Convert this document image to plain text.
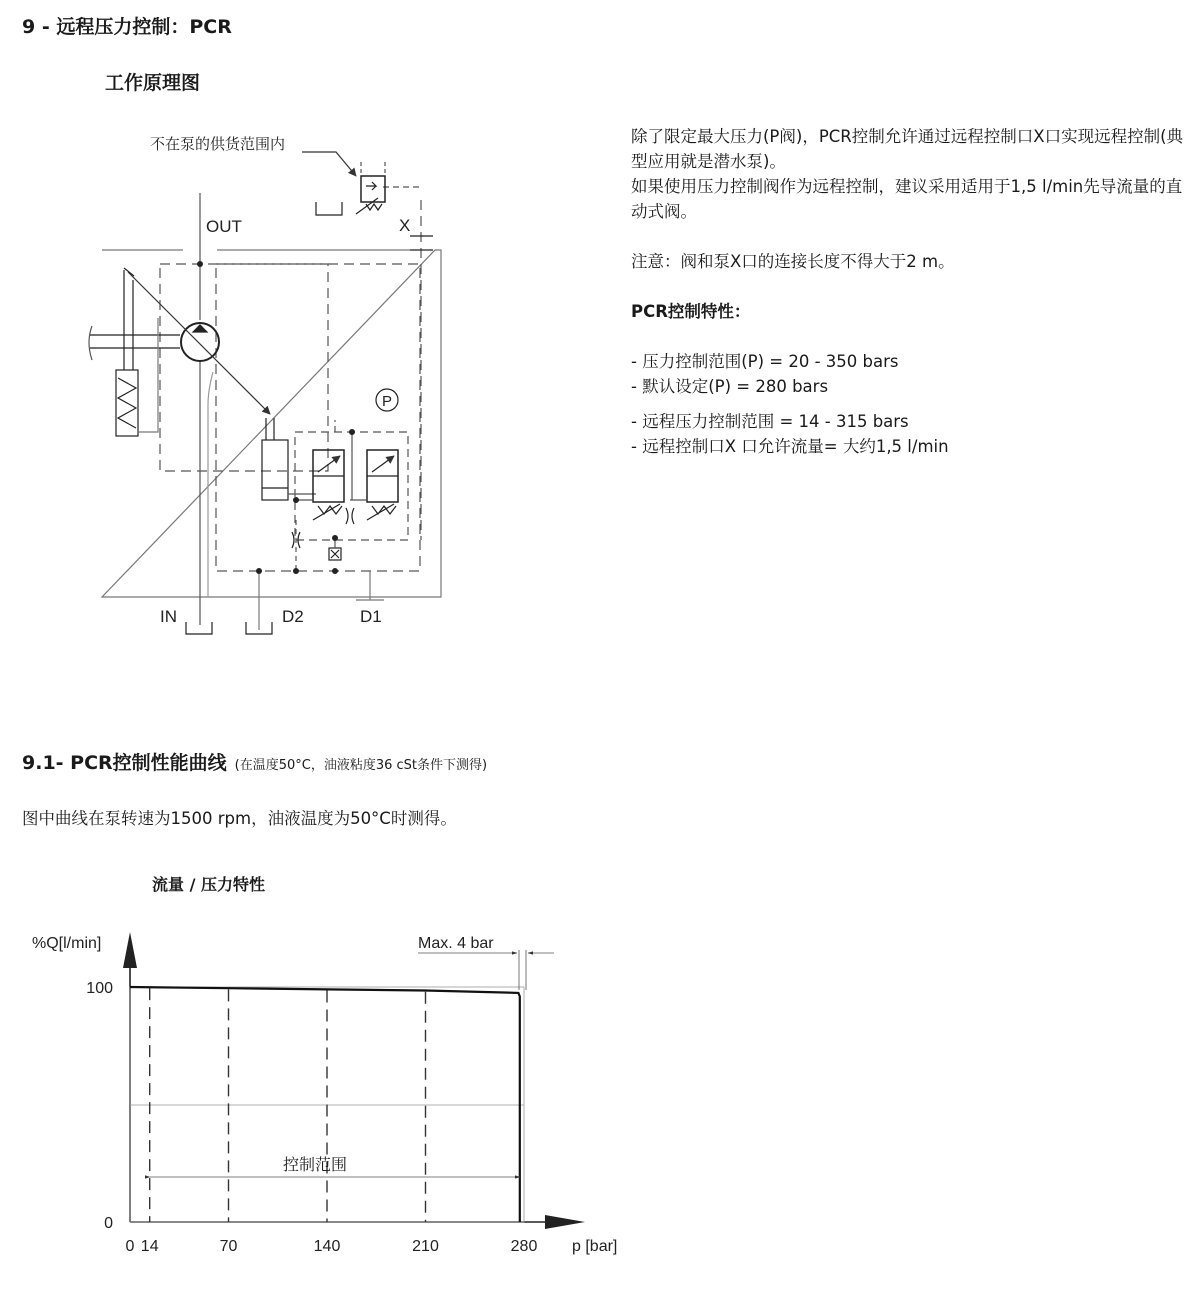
9 - 远程压力控制：PCR
工作原理图
P
不在泵的供货范围内
OUT	X
IN	D2	D1

除了限定最大压力(P阀)，PCR控制允许通过远程控制口X口实现远程控制(典型应用就是潜水泵)。

如果使用压力控制阀作为远程控制，建议采用适用于1,5 l/min先导流量的直动式阀。

注意：阀和泵X口的连接长度不得大于2 m。

PCR控制特性：

- 压力控制范围(P) = 20 - 350 bars

- 默认设定(P) = 280 bars

- 远程压力控制范围 = 14 - 315 bars

- 远程控制口X 口允许流量= 大约1,5 l/min

9.1- PCR控制性能曲线 (在温度50°C，油液粘度36 cSt条件下测得)
图中曲线在泵转速为1500 rpm，油液温度为50°C时测得。
流量 / 压力特性
Max. 4 bar
控制范围
%Q[l/min]
p [bar]
100
0
0 14	70	140	210	280
